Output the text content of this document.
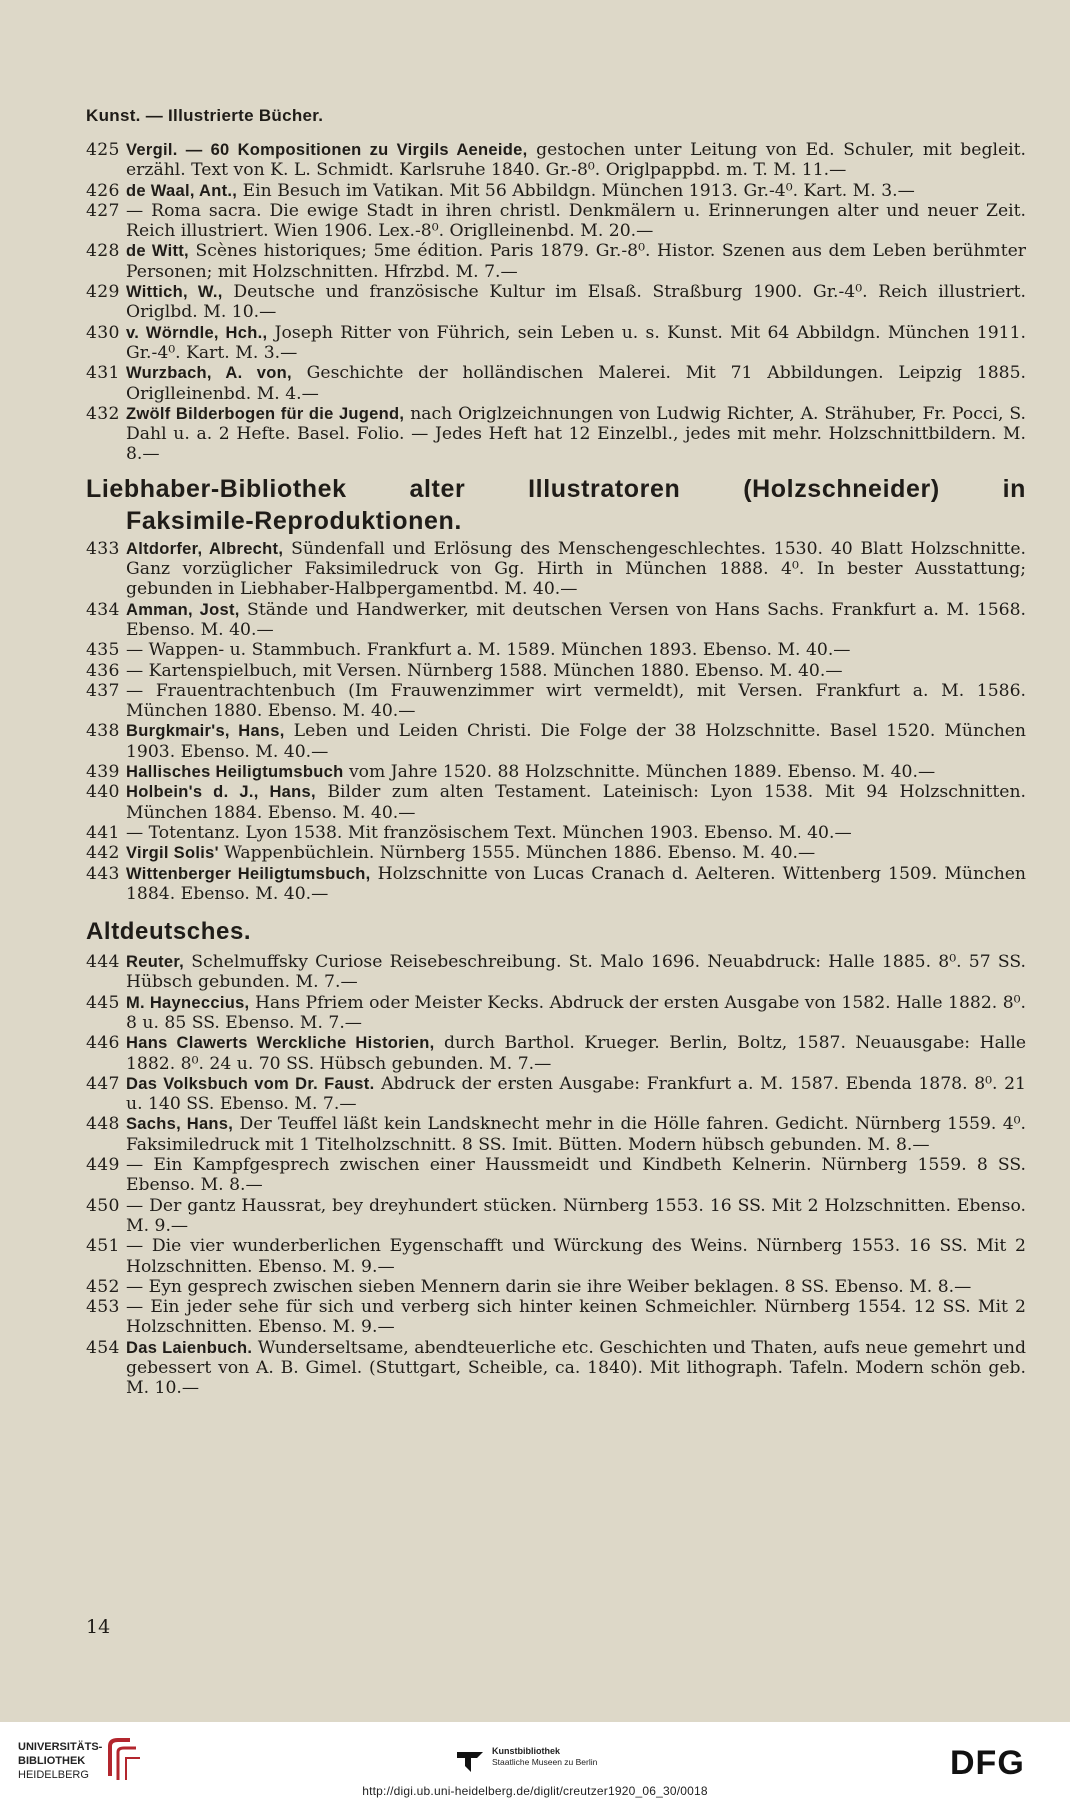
Kunst. — Illustrierte Bücher.
425 Vergil. — 60 Kompositionen zu Virgils Aeneide, gestochen unter Leitung von Ed. Schuler, mit begleit. erzähl. Text von K. L. Schmidt. Karlsruhe 1840. Gr.-8⁰. Origlpappbd. m. T. M. 11.—
426 de Waal, Ant., Ein Besuch im Vatikan. Mit 56 Abbildgn. München 1913. Gr.-4⁰. Kart. M. 3.—
427 — Roma sacra. Die ewige Stadt in ihren christl. Denkmälern u. Erinnerungen alter und neuer Zeit. Reich illustriert. Wien 1906. Lex.-8⁰. Origlleinenbd. M. 20.—
428 de Witt, Scènes historiques; 5me édition. Paris 1879. Gr.-8⁰. Histor. Szenen aus dem Leben berühmter Personen; mit Holzschnitten. Hfrzbd. M. 7.—
429 Wittich, W., Deutsche und französische Kultur im Elsaß. Straßburg 1900. Gr.-4⁰. Reich illustriert. Origlbd. M. 10.—
430 v. Wörndle, Hch., Joseph Ritter von Führich, sein Leben u. s. Kunst. Mit 64 Abbildgn. München 1911. Gr.-4⁰. Kart. M. 3.—
431 Wurzbach, A. von, Geschichte der holländischen Malerei. Mit 71 Abbildungen. Leipzig 1885. Origlleinenbd. M. 4.—
432 Zwölf Bilderbogen für die Jugend, nach Origlzeichnungen von Ludwig Richter, A. Strähuber, Fr. Pocci, S. Dahl u. a. 2 Hefte. Basel. Folio. — Jedes Heft hat 12 Einzelbl., jedes mit mehr. Holzschnittbildern. M. 8.—
Liebhaber-Bibliothek alter Illustratoren (Holzschneider) in
Faksimile-Reproduktionen.
433 Altdorfer, Albrecht, Sündenfall und Erlösung des Menschengeschlechtes. 1530. 40 Blatt Holzschnitte. Ganz vorzüglicher Faksimiledruck von Gg. Hirth in München 1888. 4⁰. In bester Ausstattung; gebunden in Liebhaber-Halbpergamentbd. M. 40.—
434 Amman, Jost, Stände und Handwerker, mit deutschen Versen von Hans Sachs. Frankfurt a. M. 1568. Ebenso. M. 40.—
435 — Wappen- u. Stammbuch. Frankfurt a. M. 1589. München 1893. Ebenso. M. 40.—
436 — Kartenspielbuch, mit Versen. Nürnberg 1588. München 1880. Ebenso. M. 40.—
437 — Frauentrachtenbuch (Im Frauwenzimmer wirt vermeldt), mit Versen. Frankfurt a. M. 1586. München 1880. Ebenso. M. 40.—
438 Burgkmair's, Hans, Leben und Leiden Christi. Die Folge der 38 Holzschnitte. Basel 1520. München 1903. Ebenso. M. 40.—
439 Hallisches Heiligtumsbuch vom Jahre 1520. 88 Holzschnitte. München 1889. Ebenso. M. 40.—
440 Holbein's d. J., Hans, Bilder zum alten Testament. Lateinisch: Lyon 1538. Mit 94 Holzschnitten. München 1884. Ebenso. M. 40.—
441 — Totentanz. Lyon 1538. Mit französischem Text. München 1903. Ebenso. M. 40.—
442 Virgil Solis' Wappenbüchlein. Nürnberg 1555. München 1886. Ebenso. M. 40.—
443 Wittenberger Heiligtumsbuch, Holzschnitte von Lucas Cranach d. Aelteren. Wittenberg 1509. München 1884. Ebenso. M. 40.—
Altdeutsches.
444 Reuter, Schelmuffsky Curiose Reisebeschreibung. St. Malo 1696. Neuabdruck: Halle 1885. 8⁰. 57 SS. Hübsch gebunden. M. 7.—
445 M. Hayneccius, Hans Pfriem oder Meister Kecks. Abdruck der ersten Ausgabe von 1582. Halle 1882. 8⁰. 8 u. 85 SS. Ebenso. M. 7.—
446 Hans Clawerts Werckliche Historien, durch Barthol. Krueger. Berlin, Boltz, 1587. Neuausgabe: Halle 1882. 8⁰. 24 u. 70 SS. Hübsch gebunden. M. 7.—
447 Das Volksbuch vom Dr. Faust. Abdruck der ersten Ausgabe: Frankfurt a. M. 1587. Ebenda 1878. 8⁰. 21 u. 140 SS. Ebenso. M. 7.—
448 Sachs, Hans, Der Teuffel läßt kein Landsknecht mehr in die Hölle fahren. Gedicht. Nürnberg 1559. 4⁰. Faksimiledruck mit 1 Titelholzschnitt. 8 SS. Imit. Bütten. Modern hübsch gebunden. M. 8.—
449 — Ein Kampfgesprech zwischen einer Haussmeidt und Kindbeth Kelnerin. Nürnberg 1559. 8 SS. Ebenso. M. 8.—
450 — Der gantz Haussrat, bey dreyhundert stücken. Nürnberg 1553. 16 SS. Mit 2 Holzschnitten. Ebenso. M. 9.—
451 — Die vier wunderberlichen Eygenschafft und Würckung des Weins. Nürnberg 1553. 16 SS. Mit 2 Holzschnitten. Ebenso. M. 9.—
452 — Eyn gesprech zwischen sieben Mennern darin sie ihre Weiber beklagen. 8 SS. Ebenso. M. 8.—
453 — Ein jeder sehe für sich und verberg sich hinter keinen Schmeichler. Nürnberg 1554. 12 SS. Mit 2 Holzschnitten. Ebenso. M. 9.—
454 Das Laienbuch. Wunderseltsame, abendteuerliche etc. Geschichten und Thaten, aufs neue gemehrt und gebessert von A. B. Gimel. (Stuttgart, Scheible, ca. 1840). Mit lithograph. Tafeln. Modern schön geb. M. 10.—
14
UNIVERSITÄTS-
BIBLIOTHEK
HEIDELBERG
Kunstbibliothek
Staatliche Museen zu Berlin	DFG
http://digi.ub.uni-heidelberg.de/diglit/creutzer1920_06_30/0018
